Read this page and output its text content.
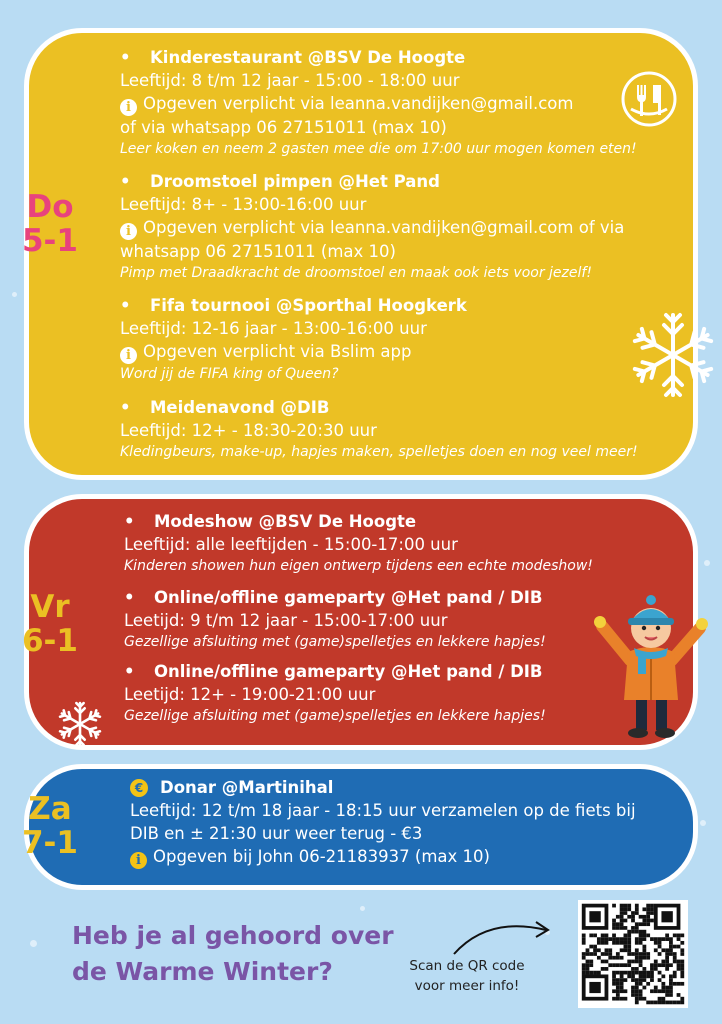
Do
5-1
• Kinderestaurant @BSV De Hoogte
Leeftijd: 8 t/m 12 jaar - 15:00 - 18:00 uur
i Opgeven verplicht via leanna.vandijken@gmail.com
of via whatsapp 06 27151011 (max 10)
Leer koken en neem 2 gasten mee die om 17:00 uur mogen komen eten!
• Droomstoel pimpen @Het Pand
Leeftijd: 8+ - 13:00-16:00 uur
i Opgeven verplicht via leanna.vandijken@gmail.com of via
whatsapp 06 27151011 (max 10)
Pimp met Draadkracht de droomstoel en maak ook iets voor jezelf!
• Fifa tournooi @Sporthal Hoogkerk
Leeftijd: 12-16 jaar - 13:00-16:00 uur
i Opgeven verplicht via Bslim app
Word jij de FIFA king of Queen?
• Meidenavond @DIB
Leeftijd: 12+ - 18:30-20:30 uur
Kledingbeurs, make-up, hapjes maken, spelletjes doen en nog veel meer!
Vr
6-1
• Modeshow @BSV De Hoogte
Leeftijd: alle leeftijden - 15:00-17:00 uur
Kinderen showen hun eigen ontwerp tijdens een echte modeshow!
• Online/offline gameparty @Het pand / DIB
Leetijd: 9 t/m 12 jaar - 15:00-17:00 uur
Gezellige afsluiting met (game)spelletjes en lekkere hapjes!
• Online/offline gameparty @Het pand / DIB
Leetijd: 12+ - 19:00-21:00 uur
Gezellige afsluiting met (game)spelletjes en lekkere hapjes!
Za
7-1
€ Donar @Martinihal
Leeftijd: 12 t/m 18 jaar - 18:15 uur verzamelen op de fiets bij
DIB en ± 21:30 uur weer terug - €3
i Opgeven bij John 06-21183937 (max 10)
Heb je al gehoord over
de Warme Winter?	Scan de QR code
voor meer info!
